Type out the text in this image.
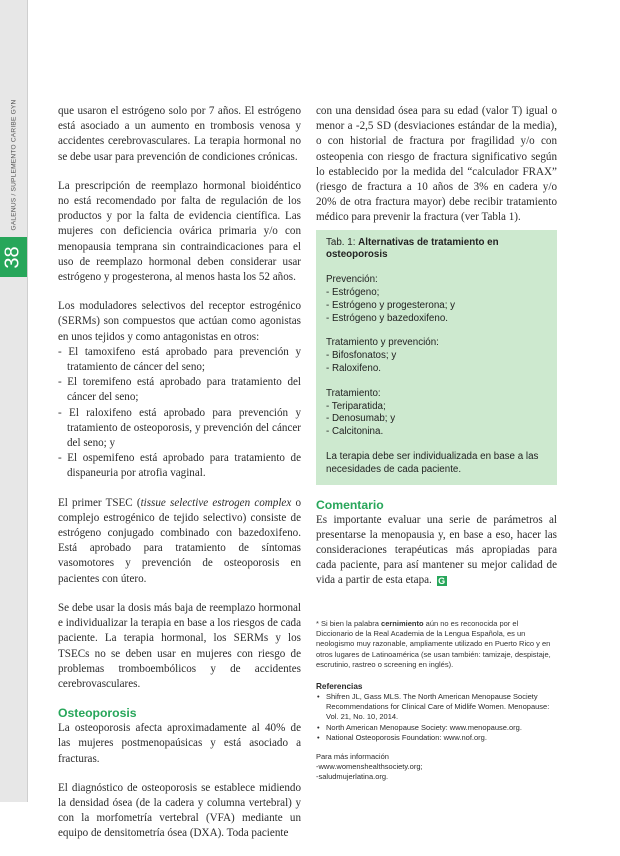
GALENUS / SUPLEMENTO CARIBE GYN
38

que usaron el estrógeno solo por 7 años. El estrógeno está asociado a un aumento en trombosis venosa y accidentes cerebrovasculares. La terapia hormonal no se debe usar para prevención de condiciones crónicas.

La prescripción de reemplazo hormonal bioidéntico no está recomendado por falta de regulación de los productos y por la falta de evidencia científica. Las mujeres con deficiencia ovárica primaria y/o con menopausia temprana sin contraindicaciones para el uso de reemplazo hormonal deben considerar usar estrógeno y progesterona, al menos hasta los 52 años.

Los moduladores selectivos del receptor estrogénico (SERMs) son compuestos que actúan como agonistas en unos tejidos y como antagonistas en otros:

- El tamoxifeno está aprobado para prevención y tratamiento de cáncer del seno;
- El toremifeno está aprobado para tratamiento del cáncer del seno;
- El raloxifeno está aprobado para prevención y tratamiento de osteoporosis, y prevención del cáncer del seno; y
- El ospemifeno está aprobado para tratamiento de dispaneuria por atrofia vaginal.

El primer TSEC (tissue selective estrogen complex o complejo estrogénico de tejido selectivo) consiste de estrógeno conjugado combinado con bazedoxifeno. Está aprobado para tratamiento de síntomas vasomotores y prevención de osteoporosis en pacientes con útero.

Se debe usar la dosis más baja de reemplazo hormonal e individualizar la terapia en base a los riesgos de cada paciente. La terapia hormonal, los SERMs y los TSECs no se deben usar en mujeres con riesgo de problemas tromboembólicos y de accidentes cerebrovasculares.

Osteoporosis

La osteoporosis afecta aproximadamente al 40% de las mujeres postmenopaúsicas y está asociado a fracturas.

El diagnóstico de osteoporosis se establece midiendo la densidad ósea (de la cadera y columna vertebral) y con la morfometría vertebral (VFA) mediante un equipo de densitometría ósea (DXA). Toda paciente

con una densidad ósea para su edad (valor T) igual o menor a -2,5 SD (desviaciones estándar de la media), o con historial de fractura por fragilidad y/o con osteopenia con riesgo de fractura significativo según lo establecido por la medida del “calculador FRAX” (riesgo de fractura a 10 años de 3% en cadera y/o 20% de otra fractura mayor) debe recibir tratamiento médico para prevenir la fractura (ver Tabla 1).

Tab. 1: Alternativas de tratamiento en osteoporosis

Prevención:

- Estrógeno;
- Estrógeno y progesterona; y
- Estrógeno y bazedoxifeno.

Tratamiento y prevención:

- Bifosfonatos; y
- Raloxifeno.

Tratamiento:

- Teriparatida;
- Denosumab; y
- Calcitonina.

La terapia debe ser individualizada en base a las necesidades de cada paciente.

Comentario

Es importante evaluar una serie de parámetros al presentarse la menopausia y, en base a eso, hacer las consideraciones terapéuticas más apropiadas para cada paciente, para así mantener su mejor calidad de vida a partir de esta etapa. G

* Si bien la palabra cernimiento aún no es reconocida por el Diccionario de la Real Academia de la Lengua Española, es un neologismo muy razonable, ampliamente utilizado en Puerto Rico y en otros lugares de Latinoamérica (se usan también: tamizaje, despistaje, escrutinio, rastreo o screening en inglés).

Referencias

• Shifren JL, Gass MLS. The North American Menopause Society Recommendations for Clinical Care of Midlife Women. Menopause: Vol. 21, No. 10, 2014.
• North American Menopause Society: www.menopause.org.
• National Osteoporosis Foundation: www.nof.org.

Para más información

-www.womenshealthsociety.org;

-saludmujerlatina.org.
